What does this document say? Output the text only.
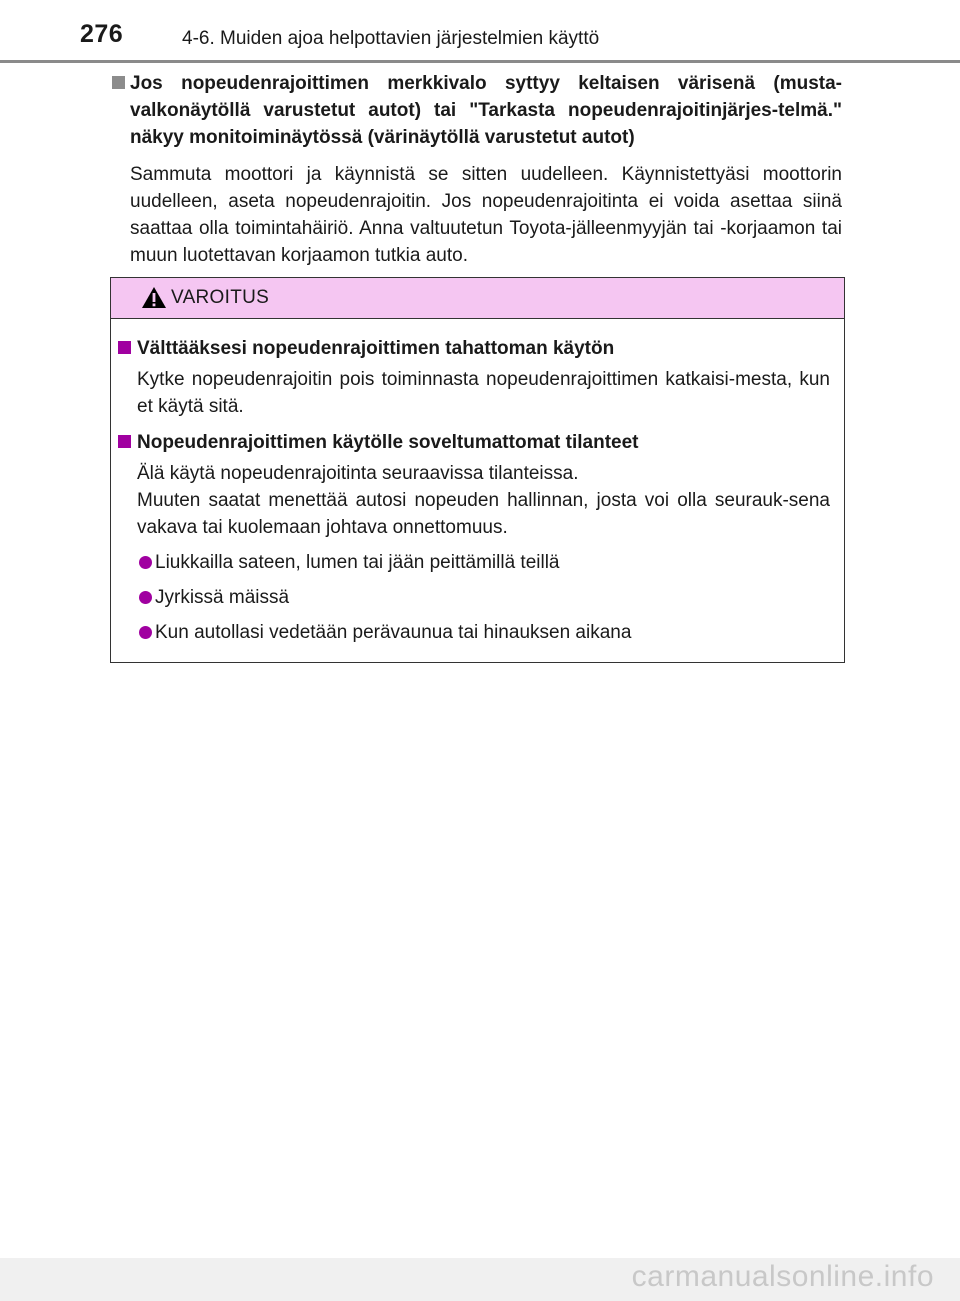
276	4-6. Muiden ajoa helpottavien järjestelmien käyttö
Jos nopeudenrajoittimen merkkivalo syttyy keltaisen värisenä (musta-valkonäytöllä varustetut autot) tai "Tarkasta nopeudenrajoitinjärjes-telmä." näkyy monitoiminäytössä (värinäytöllä varustetut autot)
Sammuta moottori ja käynnistä se sitten uudelleen. Käynnistettyäsi moottorin uudelleen, aseta nopeudenrajoitin. Jos nopeudenrajoitinta ei voida asettaa siinä saattaa olla toimintahäiriö. Anna valtuutetun Toyota-jälleenmyyjän tai -korjaamon tai muun luotettavan korjaamon tutkia auto.
VAROITUS
Välttääksesi nopeudenrajoittimen tahattoman käytön
Kytke nopeudenrajoitin pois toiminnasta nopeudenrajoittimen katkaisi-mesta, kun et käytä sitä.
Nopeudenrajoittimen käytölle soveltumattomat tilanteet
Älä käytä nopeudenrajoitinta seuraavissa tilanteissa.
Muuten saatat menettää autosi nopeuden hallinnan, josta voi olla seurauk-sena vakava tai kuolemaan johtava onnettomuus.
Liukkailla sateen, lumen tai jään peittämillä teillä
Jyrkissä mäissä
Kun autollasi vedetään perävaunua tai hinauksen aikana
carmanualsonline.info
